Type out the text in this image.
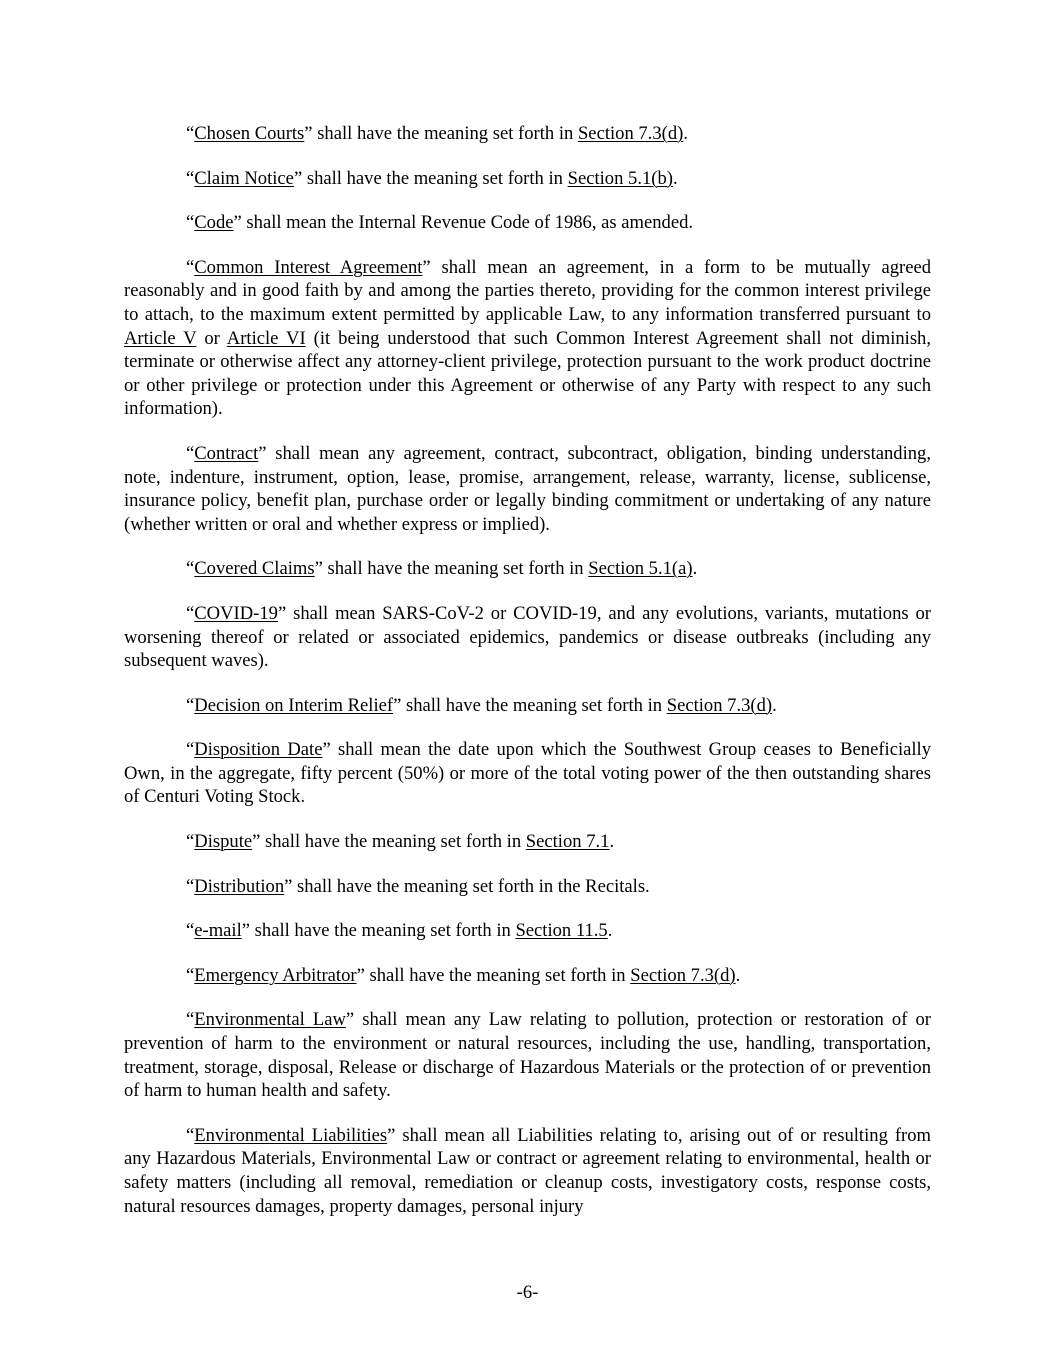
“Chosen Courts” shall have the meaning set forth in Section 7.3(d).

“Claim Notice” shall have the meaning set forth in Section 5.1(b).

“Code” shall mean the Internal Revenue Code of 1986, as amended.

“Common Interest Agreement” shall mean an agreement, in a form to be mutually agreed reasonably and in good faith by and among the parties thereto, providing for the common interest privilege to attach, to the maximum extent permitted by applicable Law, to any information transferred pursuant to Article V or Article VI (it being understood that such Common Interest Agreement shall not diminish, terminate or otherwise affect any attorney-client privilege, protection pursuant to the work product doctrine or other privilege or protection under this Agreement or otherwise of any Party with respect to any such information).

“Contract” shall mean any agreement, contract, subcontract, obligation, binding understanding, note, indenture, instrument, option, lease, promise, arrangement, release, warranty, license, sublicense, insurance policy, benefit plan, purchase order or legally binding commitment or undertaking of any nature (whether written or oral and whether express or implied).

“Covered Claims” shall have the meaning set forth in Section 5.1(a).

“COVID-19” shall mean SARS-CoV-2 or COVID-19, and any evolutions, variants, mutations or worsening thereof or related or associated epidemics, pandemics or disease outbreaks (including any subsequent waves).

“Decision on Interim Relief” shall have the meaning set forth in Section 7.3(d).

“Disposition Date” shall mean the date upon which the Southwest Group ceases to Beneficially Own, in the aggregate, fifty percent (50%) or more of the total voting power of the then outstanding shares of Centuri Voting Stock.

“Dispute” shall have the meaning set forth in Section 7.1.

“Distribution” shall have the meaning set forth in the Recitals.

“e-mail” shall have the meaning set forth in Section 11.5.

“Emergency Arbitrator” shall have the meaning set forth in Section 7.3(d).

“Environmental Law” shall mean any Law relating to pollution, protection or restoration of or prevention of harm to the environment or natural resources, including the use, handling, transportation, treatment, storage, disposal, Release or discharge of Hazardous Materials or the protection of or prevention of harm to human health and safety.

“Environmental Liabilities” shall mean all Liabilities relating to, arising out of or resulting from any Hazardous Materials, Environmental Law or contract or agreement relating to environmental, health or safety matters (including all removal, remediation or cleanup costs, investigatory costs, response costs, natural resources damages, property damages, personal injury

-6-
